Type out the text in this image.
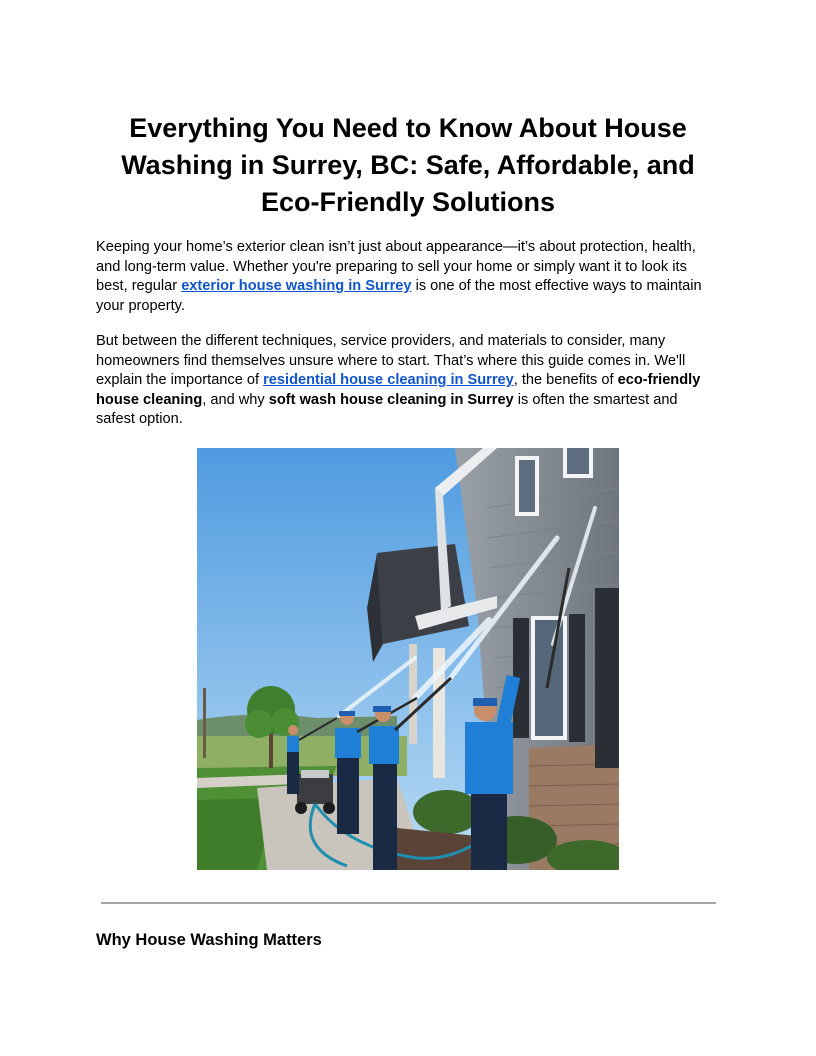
Everything You Need to Know About House Washing in Surrey, BC: Safe, Affordable, and Eco-Friendly Solutions

Keeping your home’s exterior clean isn’t just about appearance—it’s about protection, health, and long-term value. Whether you're preparing to sell your home or simply want it to look its best, regular exterior house washing in Surrey is one of the most effective ways to maintain your property.

But between the different techniques, service providers, and materials to consider, many homeowners find themselves unsure where to start. That’s where this guide comes in. We'll explain the importance of residential house cleaning in Surrey, the benefits of eco-friendly house cleaning, and why soft wash house cleaning in Surrey is often the smartest and safest option.

Why House Washing Matters
